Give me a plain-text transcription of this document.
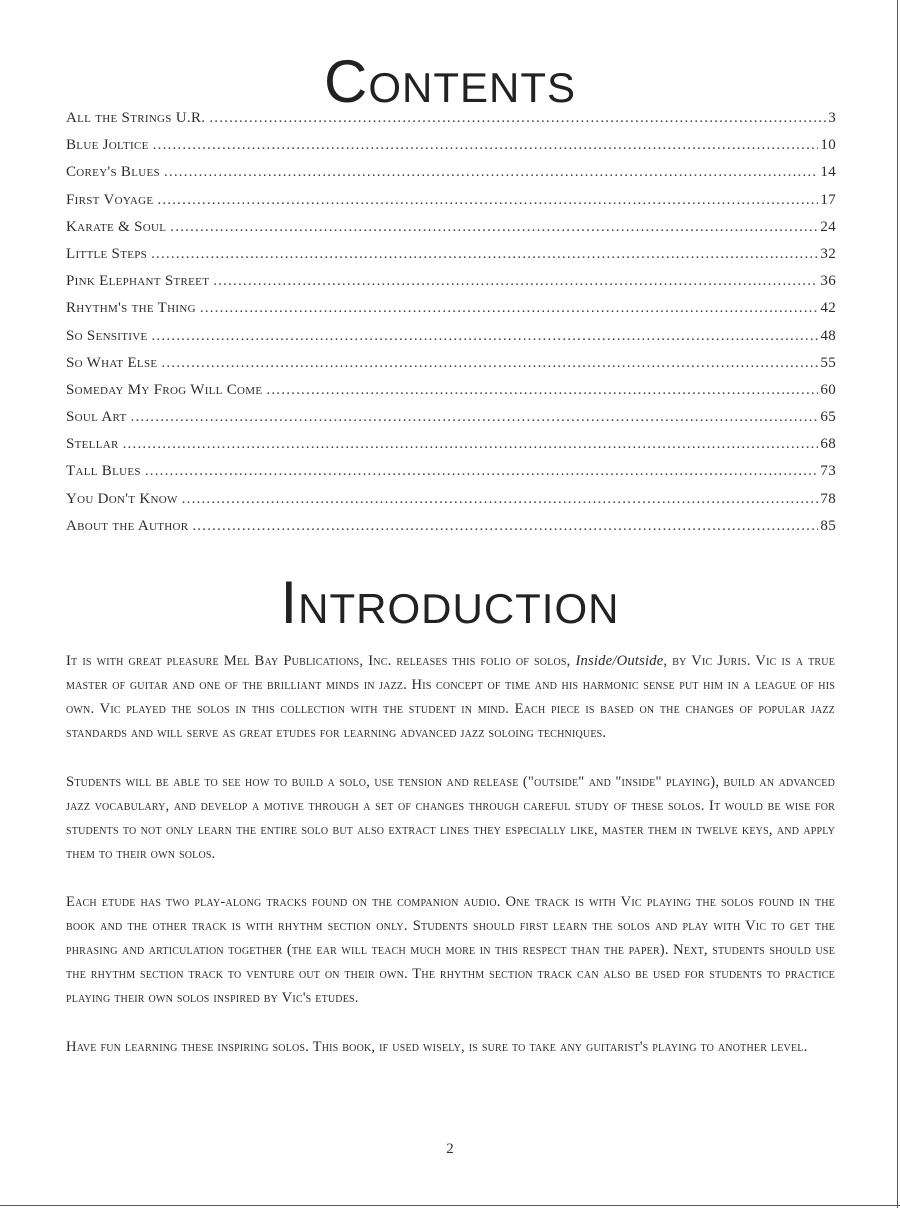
Contents
All the Strings U.R. .....	3
Blue Joltice .....	10
Corey's Blues .....	14
First Voyage .....	17
Karate & Soul .....	24
Little Steps .....	32
Pink Elephant Street .....	36
Rhythm's the Thing .....	42
So Sensitive .....	48
So What Else .....	55
Someday My Frog Will Come .....	60
Soul Art .....	65
Stellar .....	68
Tall Blues .....	73
You Don't Know .....	78
About the Author .....	85
Introduction

It is with great pleasure Mel Bay Publications, Inc. releases this folio of solos, Inside/Outside, by Vic Juris. Vic is a true master of guitar and one of the brilliant minds in jazz. His concept of time and his harmonic sense put him in a league of his own. Vic played the solos in this collection with the student in mind. Each piece is based on the changes of popular jazz standards and will serve as great etudes for learning advanced jazz soloing techniques.

Students will be able to see how to build a solo, use tension and release ("outside" and "inside" playing), build an advanced jazz vocabulary, and develop a motive through a set of changes through careful study of these solos. It would be wise for students to not only learn the entire solo but also extract lines they especially like, master them in twelve keys, and apply them to their own solos.

Each etude has two play-along tracks found on the companion audio. One track is with Vic playing the solos found in the book and the other track is with rhythm section only. Students should first learn the solos and play with Vic to get the phrasing and articulation together (the ear will teach much more in this respect than the paper). Next, students should use the rhythm section track to venture out on their own. The rhythm section track can also be used for students to practice playing their own solos inspired by Vic's etudes.

Have fun learning these inspiring solos. This book, if used wisely, is sure to take any guitarist's playing to another level.

2
